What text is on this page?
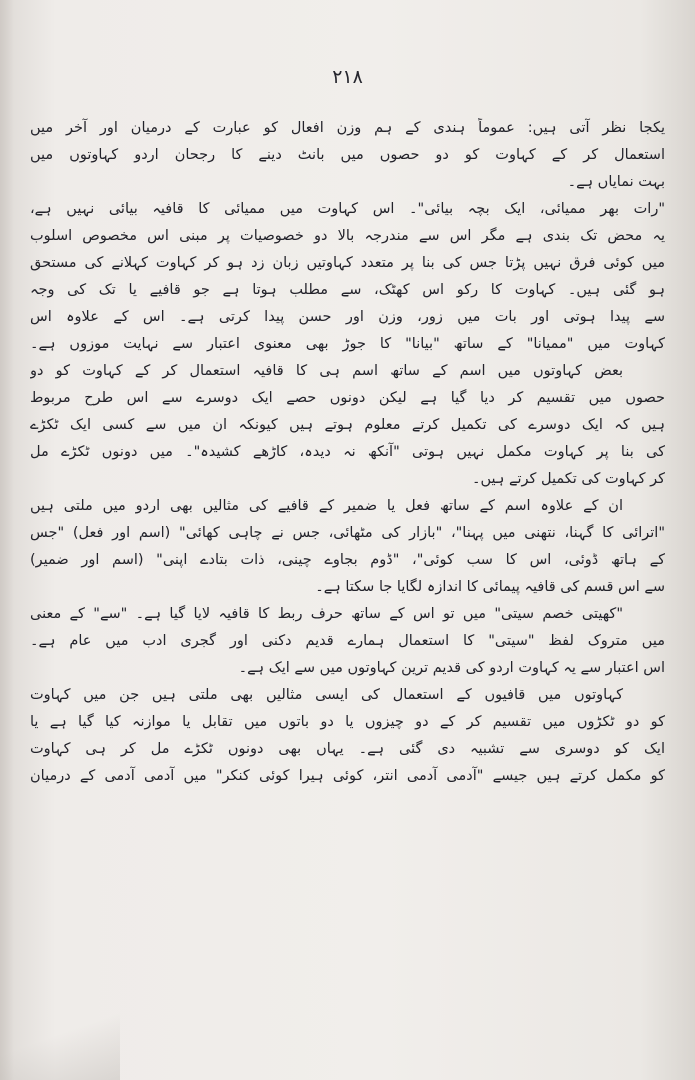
۲۱۸
یکجا نظر آتی ہیں: عموماً ہندی کے ہم وزن افعال کو عبارت کے درمیان اور آخر میں
استعمال کر کے کہاوت کو دو حصوں میں بانٹ دینے کا رجحان اردو کہاوتوں میں
بہت نمایاں ہے۔
"رات بھر ممیائی، ایک بچہ بیائی"۔ اس کہاوت میں ممیائی کا قافیہ بیائی نہیں ہے،
یہ محض تک بندی ہے مگر اس سے مندرجہ بالا دو خصوصیات پر مبنی اس مخصوص اسلوب
میں کوئی فرق نہیں پڑتا جس کی بنا پر متعدد کہاوتیں زبان زد ہو کر کہاوت کہلانے کی مستحق
ہو گئی ہیں۔ کہاوت کا رکو اس کھٹک، سے مطلب ہوتا ہے جو قافیے یا تک کی وجہ
سے پیدا ہوتی اور بات میں زور، وزن اور حسن پیدا کرتی ہے۔ اس کے علاوہ اس
کہاوت میں "ممیانا" کے ساتھ "بیانا" کا جوڑ بھی معنوی اعتبار سے نہایت موزوں ہے۔
بعض کہاوتوں میں اسم کے ساتھ اسم ہی کا قافیہ استعمال کر کے کہاوت کو دو
حصوں میں تقسیم کر دیا گیا ہے لیکن دونوں حصے ایک دوسرے سے اس طرح مربوط
ہیں کہ ایک دوسرے کی تکمیل کرتے معلوم ہوتے ہیں کیونکہ ان میں سے کسی ایک ٹکڑے
کی بنا پر کہاوت مکمل نہیں ہوتی "آنکھ نہ دیدہ، کاڑھے کشیدہ"۔ میں دونوں ٹکڑے مل
کر کہاوت کی تکمیل کرتے ہیں۔
ان کے علاوہ اسم کے ساتھ فعل یا ضمیر کے قافیے کی مثالیں بھی اردو میں ملتی ہیں
"اترائی کا گہنا، نتھنی میں پہنا"، "بازار کی مٹھائی، جس نے چاہی کھائی" (اسم اور فعل) "جس
کے ہاتھ ڈوئی، اس کا سب کوئی"، "ڈوم بجاوے چینی، ذات بتادے اپنی" (اسم اور ضمیر)
سے اس قسم کی قافیہ پیمائی کا اندازہ لگایا جا سکتا ہے۔
"کھیتی خصم سیتی" میں تو اس کے ساتھ حرف ربط کا قافیہ لایا گیا ہے۔ "سے" کے معنی
میں متروک لفظ "سیتی" کا استعمال ہمارے قدیم دکنی اور گجری ادب میں عام ہے۔
اس اعتبار سے یہ کہاوت اردو کی قدیم ترین کہاوتوں میں سے ایک ہے۔
کہاوتوں میں قافیوں کے استعمال کی ایسی مثالیں بھی ملتی ہیں جن میں کہاوت
کو دو ٹکڑوں میں تقسیم کر کے دو چیزوں یا دو باتوں میں تقابل یا موازنہ کیا گیا ہے یا
ایک کو دوسری سے تشبیہ دی گئی ہے۔ یہاں بھی دونوں ٹکڑے مل کر ہی کہاوت
کو مکمل کرتے ہیں جیسے "آدمی آدمی انتر، کوئی ہیرا کوئی کنکر" میں آدمی آدمی کے درمیان
